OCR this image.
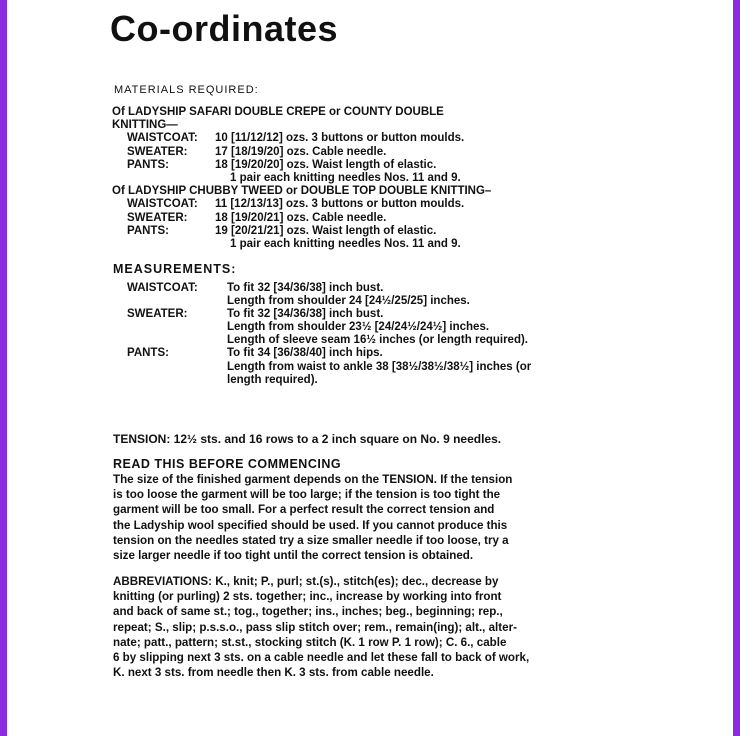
Co-ordinates
MATERIALS REQUIRED:
Of LADYSHIP SAFARI DOUBLE CREPE or COUNTY DOUBLE
KNITTING—
WAISTCOAT:	10 [11/12/12] ozs. 3 buttons or button moulds.
SWEATER:	17 [18/19/20] ozs. Cable needle.
PANTS:	18 [19/20/20] ozs. Waist length of elastic.
1 pair each knitting needles Nos. 11 and 9.
Of LADYSHIP CHUBBY TWEED or DOUBLE TOP DOUBLE KNITTING–
WAISTCOAT:	11 [12/13/13] ozs. 3 buttons or button moulds.
SWEATER:	18 [19/20/21] ozs. Cable needle.
PANTS:	19 [20/21/21] ozs. Waist length of elastic.
1 pair each knitting needles Nos. 11 and 9.
MEASUREMENTS:
WAISTCOAT:	To fit 32 [34/36/38] inch bust.
Length from shoulder 24 [24½/25/25] inches.
SWEATER:	To fit 32 [34/36/38] inch bust.
Length from shoulder 23½ [24/24½/24½] inches.
Length of sleeve seam 16½ inches (or length required).
PANTS:	To fit 34 [36/38/40] inch hips.
Length from waist to ankle 38 [38½/38½/38½] inches (or
length required).
TENSION: 12½ sts. and 16 rows to a 2 inch square on No. 9 needles.
READ THIS BEFORE COMMENCING
The size of the finished garment depends on the TENSION. If the tension
is too loose the garment will be too large; if the tension is too tight the
garment will be too small. For a perfect result the correct tension and
the Ladyship wool specified should be used. If you cannot produce this
tension on the needles stated try a size smaller needle if too loose, try a
size larger needle if too tight until the correct tension is obtained.
ABBREVIATIONS: K., knit; P., purl; st.(s)., stitch(es); dec., decrease by
knitting (or purling) 2 sts. together; inc., increase by working into front
and back of same st.; tog., together; ins., inches; beg., beginning; rep.,
repeat; S., slip; p.s.s.o., pass slip stitch over; rem., remain(ing); alt., alter-
nate; patt., pattern; st.st., stocking stitch (K. 1 row P. 1 row); C. 6., cable
6 by slipping next 3 sts. on a cable needle and let these fall to back of work,
K. next 3 sts. from needle then K. 3 sts. from cable needle.
